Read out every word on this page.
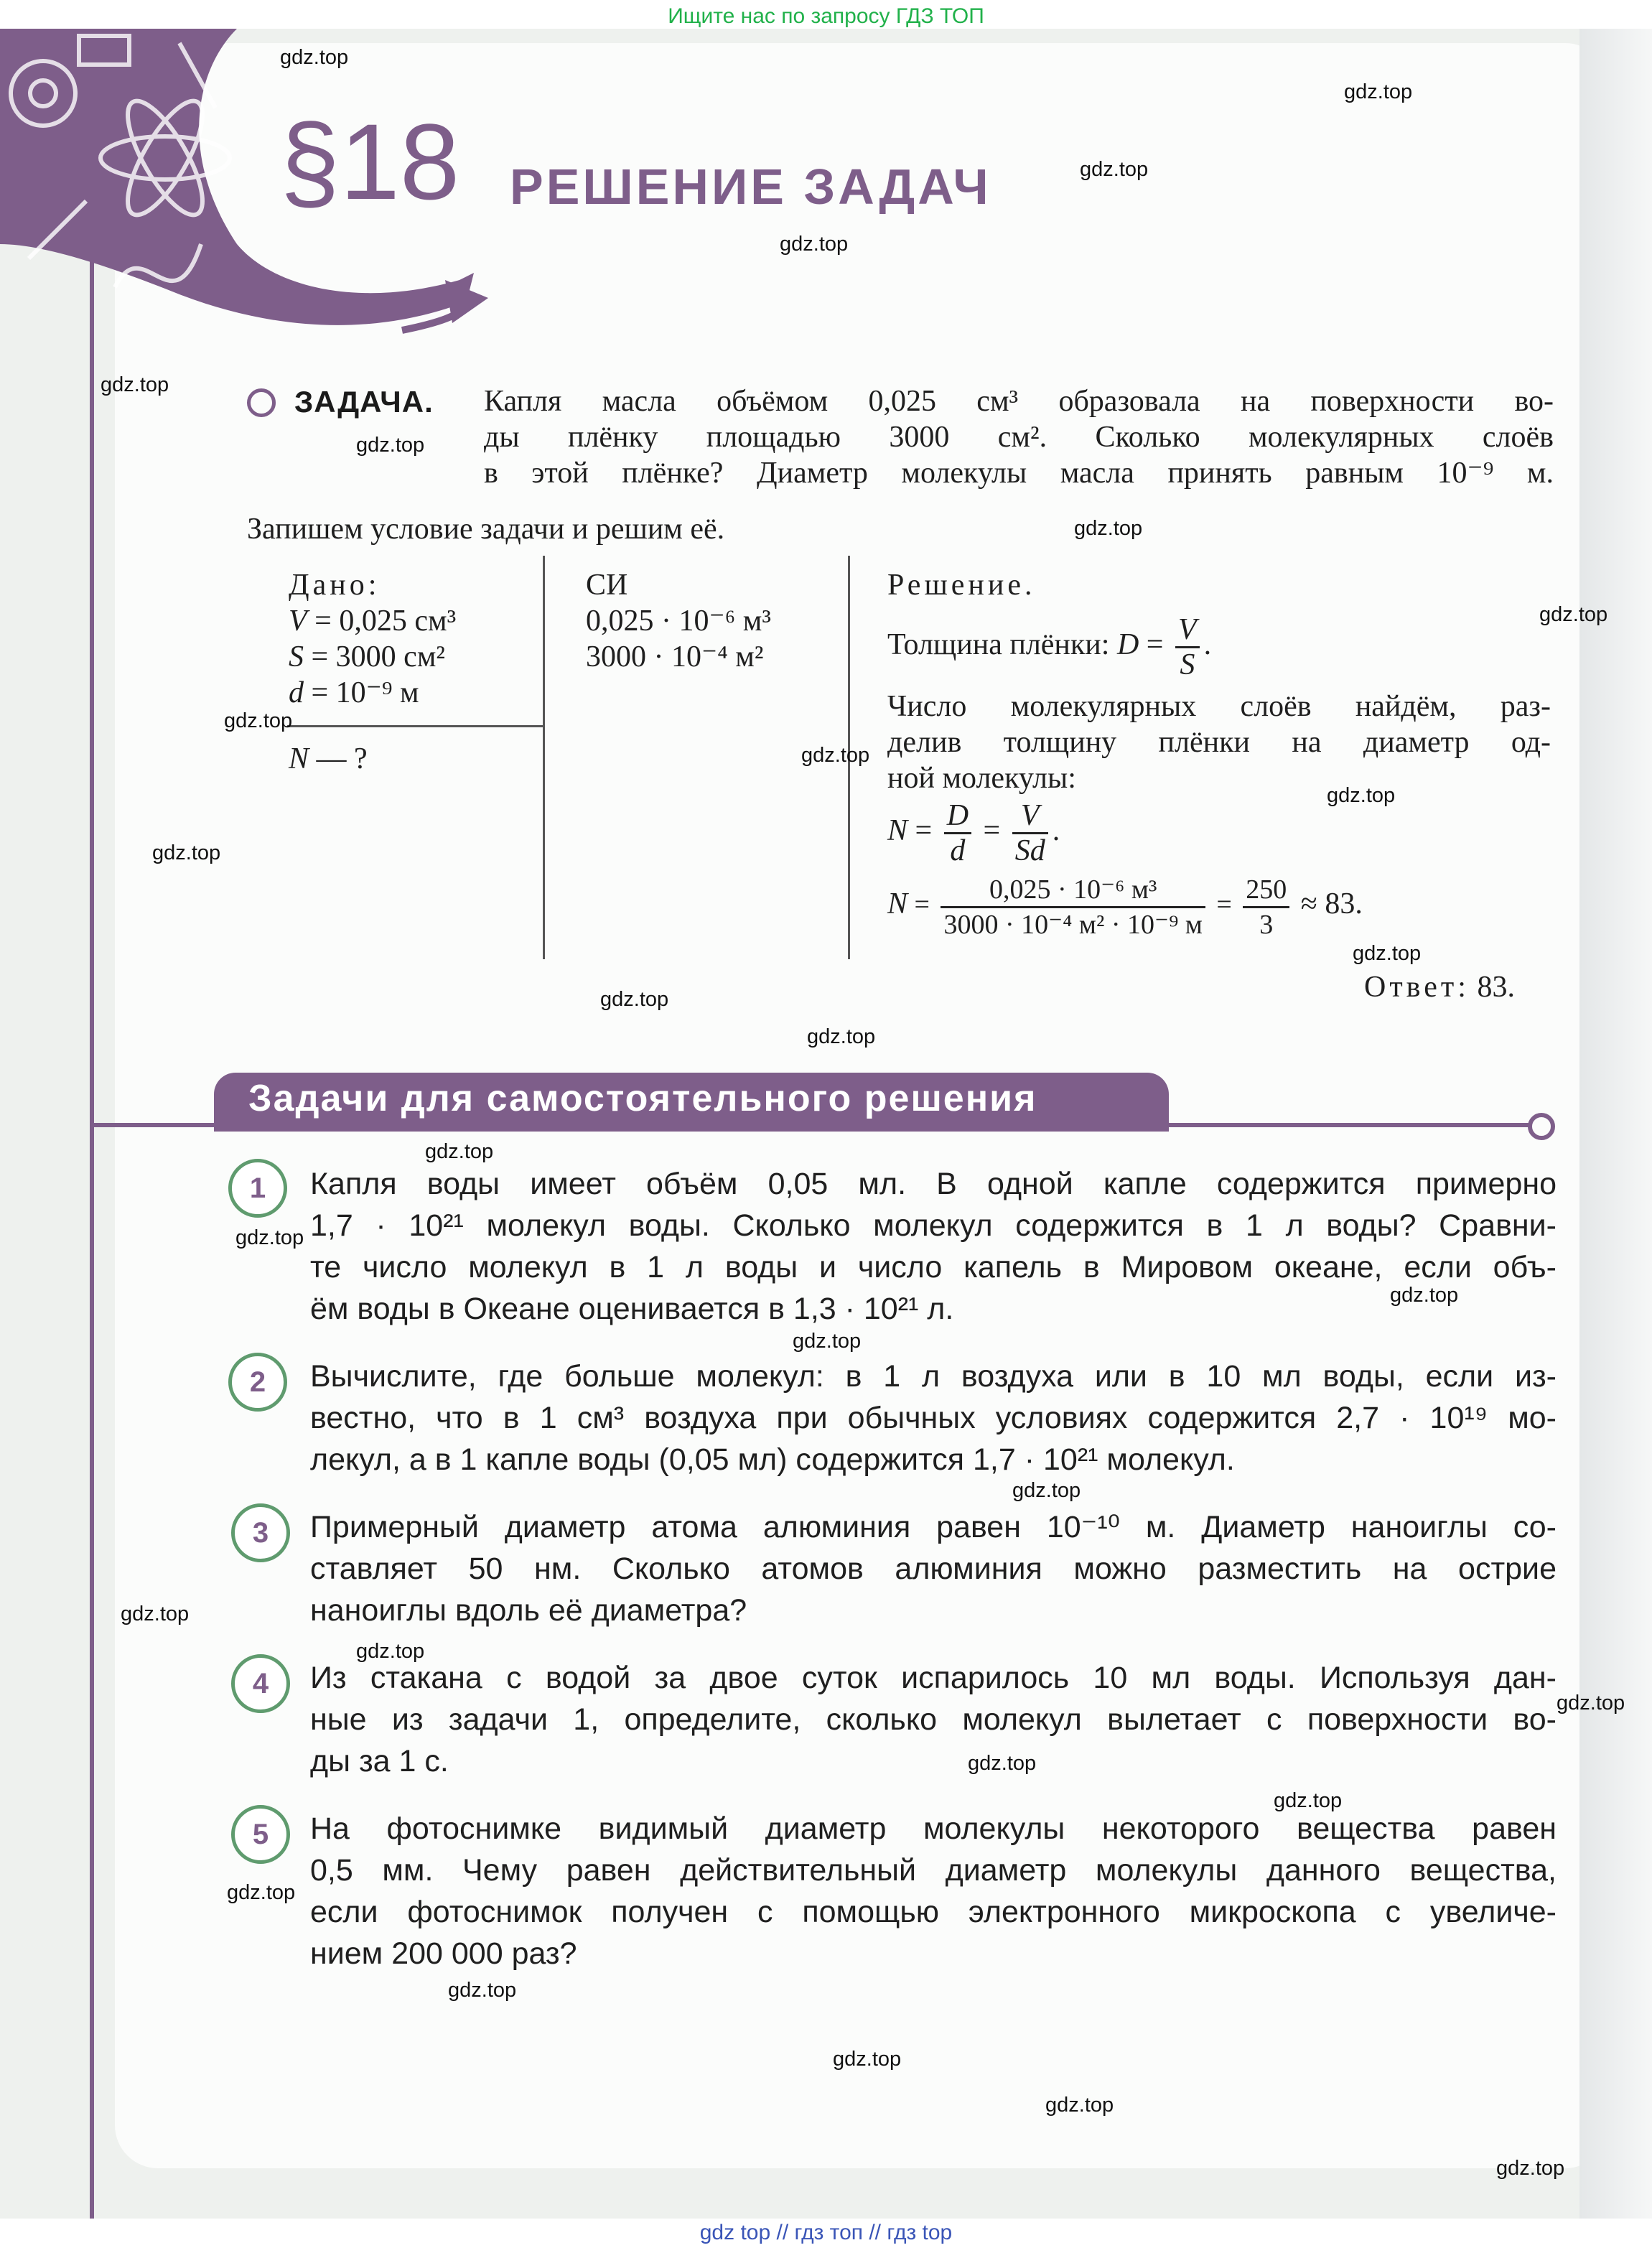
Ищите нас по запросу ГДЗ ТОП
§18 РЕШЕНИЕ ЗАДАЧ
ЗАДАЧА. Капля масла объёмом 0,025 см³ образовала на поверхности во-
ды плёнку площадью 3000 см². Сколько молекулярных слоёв
в этой плёнке? Диаметр молекулы масла принять равным 10⁻⁹ м.
Запишем условие задачи и решим её.
Дано:
V = 0,025 см³
S = 3000 см²
d = 10⁻⁹ м
N — ?
СИ
0,025 · 10⁻⁶ м³
3000 · 10⁻⁴ м²
Решение.
Толщина плёнки: $D = \frac{V}{S}$ .
Число молекулярных слоёв найдём, раз-
делив толщину плёнки на диаметр од-
ной молекулы:
$N = \frac{D}{d} = \frac{V}{Sd}$ .
$N = \frac{\text{0,025 · 10⁻⁶ м³}}{\text{3000 · 10⁻⁴ м² · 10⁻⁹ м}} = \frac{250}{3} \approx 83$.
Ответ: 83.
Задачи для самостоятельного решения
1	Капля воды имеет объём 0,05 мл. В одной капле содержится примерно
1,7 · 10²¹ молекул воды. Сколько молекул содержится в 1 л воды? Сравни-
те число молекул в 1 л воды и число капель в Мировом океане, если объ-
ём воды в Океане оценивается в 1,3 · 10²¹ л.
2	Вычислите, где больше молекул: в 1 л воздуха или в 10 мл воды, если из-
вестно, что в 1 см³ воздуха при обычных условиях содержится 2,7 · 10¹⁹ мо-
лекул, а в 1 капле воды (0,05 мл) содержится 1,7 · 10²¹ молекул.
3	Примерный диаметр атома алюминия равен 10⁻¹⁰ м. Диаметр наноиглы со-
ставляет 50 нм. Сколько атомов алюминия можно разместить на острие
наноиглы вдоль её диаметра?
4	Из стакана с водой за двое суток испарилось 10 мл воды. Используя дан-
ные из задачи 1, определите, сколько молекул вылетает с поверхности во-
ды за 1 с.
5	На фотоснимке видимый диаметр молекулы некоторого вещества равен
0,5 мм. Чему равен действительный диаметр молекулы данного вещества,
если фотоснимок получен с помощью электронного микроскопа с увеличе-
нием 200 000 раз?
gdz.top
gdz.top
gdz.top
gdz.top
gdz.top
gdz.top
gdz.top
gdz.top
gdz.top
gdz.top
gdz.top
gdz.top
gdz.top
gdz.top
gdz.top
gdz.top
gdz.top
gdz.top
gdz.top
gdz.top
gdz.top
gdz.top
gdz.top
gdz.top
gdz.top
gdz.top
gdz.top
gdz.top
gdz.top
gdz.top
gdz top // гдз топ // гдз top
